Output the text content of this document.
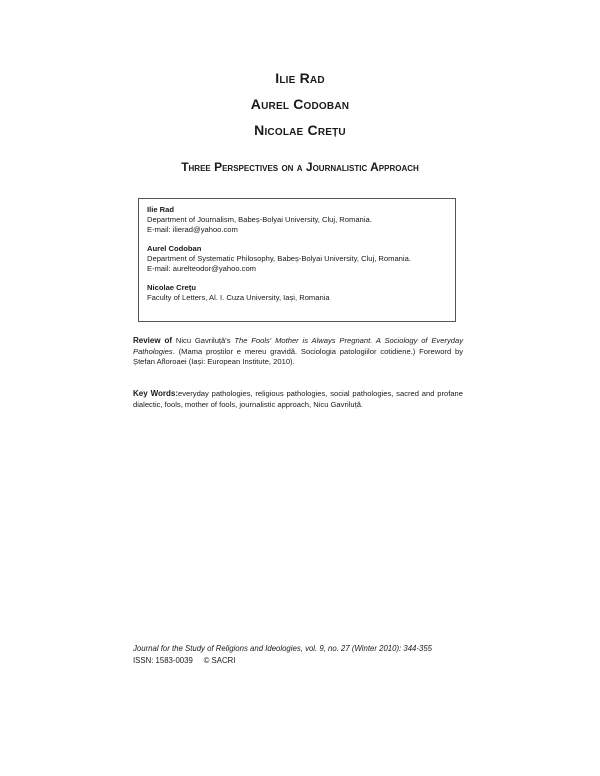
Ilie Rad
Aurel Codoban
Nicolae Crețu
Three Perspectives on a Journalistic Approach
Ilie Rad
Department of Journalism, Babeș-Bolyai University, Cluj, Romania.
E-mail: ilierad@yahoo.com
Aurel Codoban
Department of Systematic Philosophy, Babeș-Bolyai University, Cluj, Romania.
E-mail: aurelteodor@yahoo.com
Nicolae Crețu
Faculty of Letters, Al. I. Cuza University, Iași, Romania
Review of Nicu Gavriluță's The Fools' Mother is Always Pregnant. A Sociology of Everyday Pathologies. (Mama proștilor e mereu gravidă. Sociologia patologiilor cotidiene.) Foreword by Ștefan Afloroaei (Iași: European Institute, 2010).
Key Words:everyday pathologies, religious pathologies, social pathologies, sacred and profane dialectic, fools, mother of fools, journalistic approach, Nicu Gavriluță.
Journal for the Study of Religions and Ideologies, vol. 9, no. 27 (Winter 2010): 344-355
ISSN: 1583-0039     © SACRI
